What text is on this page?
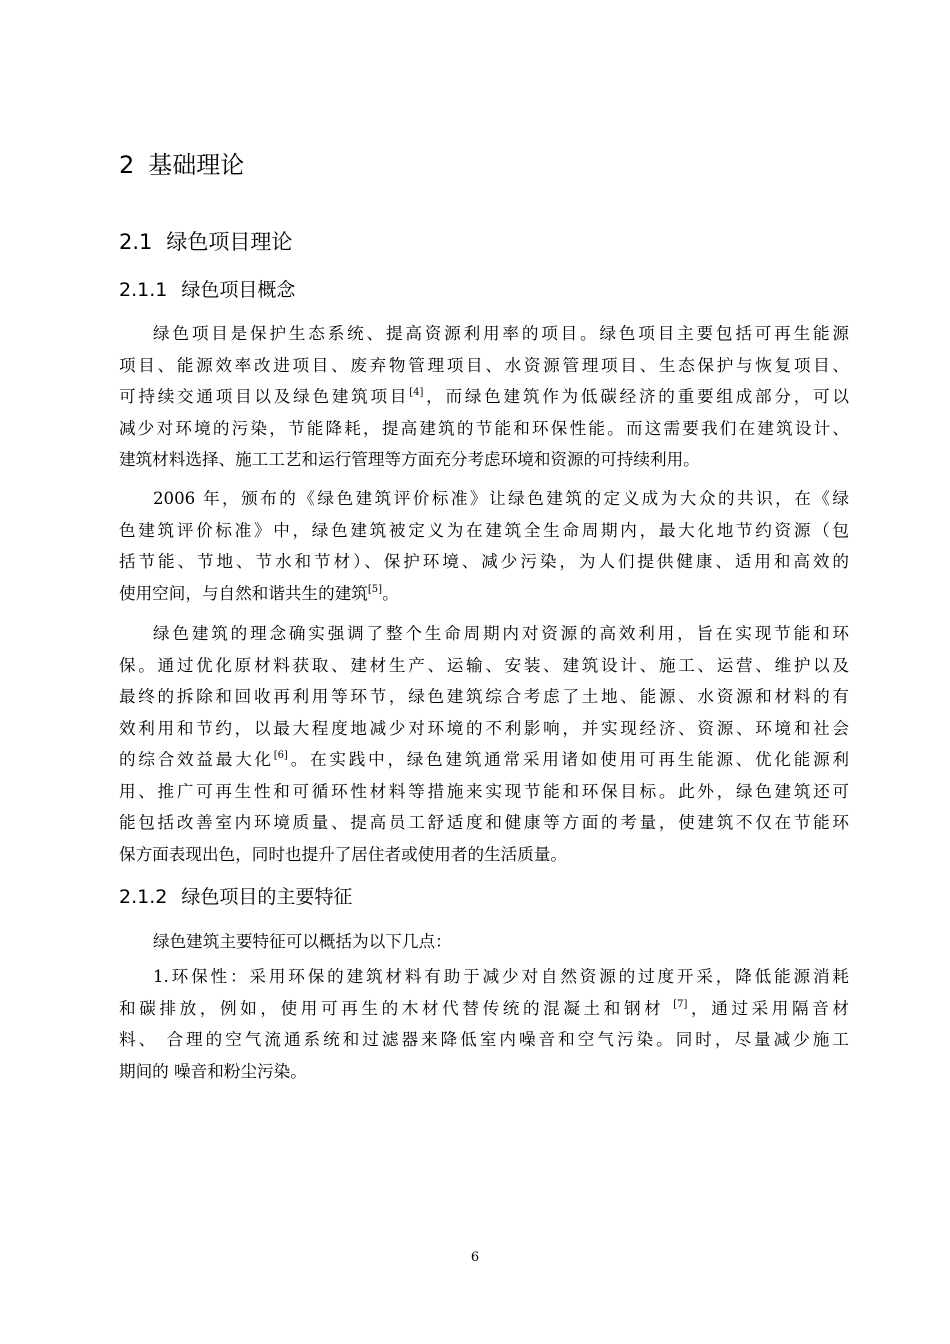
2 基础理论
2.1 绿色项目理论
2.1.1 绿色项目概念
绿色项目是保护生态系统、提高资源利用率的项目。绿色项目主要包括可再生能源
项目、能源效率改进项目、废弃物管理项目、水资源管理项目、生态保护与恢复项目、
可持续交通项目以及绿色建筑项目[4]，而绿色建筑作为低碳经济的重要组成部分，可以
减少对环境的污染，节能降耗，提高建筑的节能和环保性能。而这需要我们在建筑设计、
建筑材料选择、施工工艺和运行管理等方面充分考虑环境和资源的可持续利用。
2006 年，颁布的《绿色建筑评价标准》让绿色建筑的定义成为大众的共识，在《绿
色建筑评价标准》中，绿色建筑被定义为在建筑全生命周期内，最大化地节约资源（包
括节能、节地、节水和节材）、保护环境、减少污染，为人们提供健康、适用和高效的
使用空间，与自然和谐共生的建筑[5]。
绿色建筑的理念确实强调了整个生命周期内对资源的高效利用，旨在实现节能和环
保。通过优化原材料获取、建材生产、运输、安装、建筑设计、施工、运营、维护以及
最终的拆除和回收再利用等环节，绿色建筑综合考虑了土地、能源、水资源和材料的有
效利用和节约，以最大程度地减少对环境的不利影响，并实现经济、资源、环境和社会
的综合效益最大化[6]。在实践中，绿色建筑通常采用诸如使用可再生能源、优化能源利
用、推广可再生性和可循环性材料等措施来实现节能和环保目标。此外，绿色建筑还可
能包括改善室内环境质量、提高员工舒适度和健康等方面的考量，使建筑不仅在节能环
保方面表现出色，同时也提升了居住者或使用者的生活质量。
2.1.2 绿色项目的主要特征
绿色建筑主要特征可以概括为以下几点：
1.环保性：采用环保的建筑材料有助于减少对自然资源的过度开采，降低能源消耗
和碳排放，例如，使用可再生的木材代替传统的混凝土和钢材 [7]，通过采用隔音材
料、 合理的空气流通系统和过滤器来降低室内噪音和空气污染。同时，尽量减少施工
期间的 噪音和粉尘污染。
6
